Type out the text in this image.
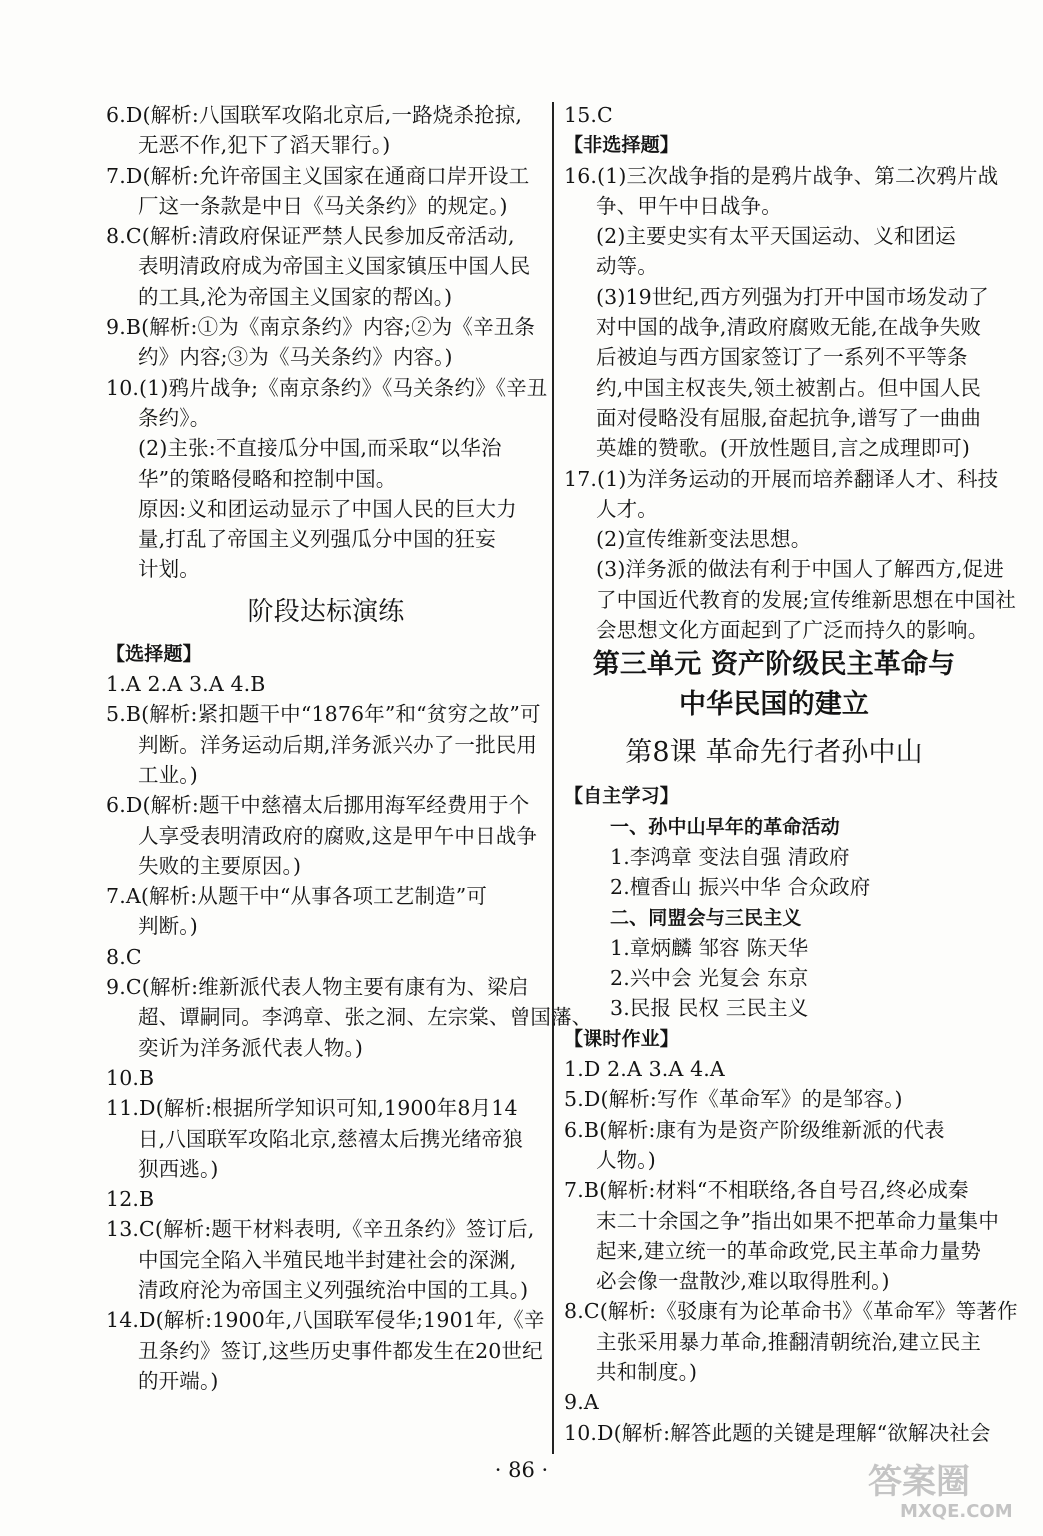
6.D(解析:八国联军攻陷北京后,一路烧杀抢掠,
无恶不作,犯下了滔天罪行。)
7.D(解析:允许帝国主义国家在通商口岸开设工
厂这一条款是中日《马关条约》的规定。)
8.C(解析:清政府保证严禁人民参加反帝活动,
表明清政府成为帝国主义国家镇压中国人民
的工具,沦为帝国主义国家的帮凶。)
9.B(解析:①为《南京条约》内容;②为《辛丑条
约》内容;③为《马关条约》内容。)
10.(1)鸦片战争;《南京条约》《马关条约》《辛丑
条约》。
(2)主张:不直接瓜分中国,而采取“以华治
华”的策略侵略和控制中国。
原因:义和团运动显示了中国人民的巨大力
量,打乱了帝国主义列强瓜分中国的狂妄
计划。
阶段达标演练
【选择题】
1.A 2.A 3.A 4.B
5.B(解析:紧扣题干中“1876年”和“贫穷之故”可
判断。洋务运动后期,洋务派兴办了一批民用
工业。)
6.D(解析:题干中慈禧太后挪用海军经费用于个
人享受表明清政府的腐败,这是甲午中日战争
失败的主要原因。)
7.A(解析:从题干中“从事各项工艺制造”可
判断。)
8.C
9.C(解析:维新派代表人物主要有康有为、梁启
超、谭嗣同。李鸿章、张之洞、左宗棠、曾国藩、
奕䜣为洋务派代表人物。)
10.B
11.D(解析:根据所学知识可知,1900年8月14
日,八国联军攻陷北京,慈禧太后携光绪帝狼
狈西逃。)
12.B
13.C(解析:题干材料表明,《辛丑条约》签订后,
中国完全陷入半殖民地半封建社会的深渊,
清政府沦为帝国主义列强统治中国的工具。)
14.D(解析:1900年,八国联军侵华;1901年,《辛
丑条约》签订,这些历史事件都发生在20世纪
的开端。)
15.C
【非选择题】
16.(1)三次战争指的是鸦片战争、第二次鸦片战
争、甲午中日战争。
(2)主要史实有太平天国运动、义和团运
动等。
(3)19世纪,西方列强为打开中国市场发动了
对中国的战争,清政府腐败无能,在战争失败
后被迫与西方国家签订了一系列不平等条
约,中国主权丧失,领土被割占。但中国人民
面对侵略没有屈服,奋起抗争,谱写了一曲曲
英雄的赞歌。(开放性题目,言之成理即可)
17.(1)为洋务运动的开展而培养翻译人才、科技
人才。
(2)宣传维新变法思想。
(3)洋务派的做法有利于中国人了解西方,促进
了中国近代教育的发展;宣传维新思想在中国社
会思想文化方面起到了广泛而持久的影响。
第三单元 资产阶级民主革命与
中华民国的建立
第8课 革命先行者孙中山
【自主学习】
一、孙中山早年的革命活动
1.李鸿章 变法自强 清政府
2.檀香山 振兴中华 合众政府
二、同盟会与三民主义
1.章炳麟 邹容 陈天华
2.兴中会 光复会 东京
3.民报 民权 三民主义
【课时作业】
1.D 2.A 3.A 4.A
5.D(解析:写作《革命军》的是邹容。)
6.B(解析:康有为是资产阶级维新派的代表
人物。)
7.B(解析:材料“不相联络,各自号召,终必成秦
末二十余国之争”指出如果不把革命力量集中
起来,建立统一的革命政党,民主革命力量势
必会像一盘散沙,难以取得胜利。)
8.C(解析:《驳康有为论革命书》《革命军》等著作
主张采用暴力革命,推翻清朝统治,建立民主
共和制度。)
9.A
10.D(解析:解答此题的关键是理解“欲解决社会
· 86 ·	答案圈
MXQE.COM
